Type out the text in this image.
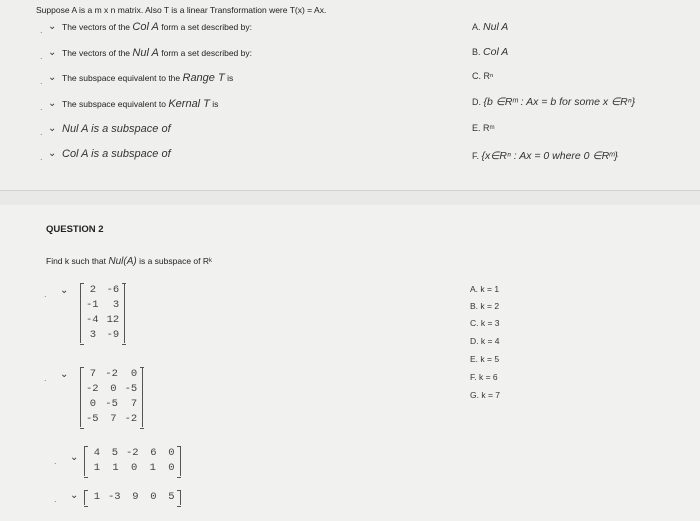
Suppose A is a m x n matrix. Also T is a linear Transformation were T(x) = Ax.
. ⌄ The vectors of the Col A form a set described by:
. ⌄ The vectors of the Nul A form a set described by:
. ⌄ The subspace equivalent to the Range T is
. ⌄ The subspace equivalent to Kernal T is
. ⌄ Nul A is a subspace of
. ⌄ Col A is a subspace of
A. Nul A
B. Col A
C. Rⁿ
D. {b ∈Rᵐ : Ax = b for some x ∈Rⁿ}
E. Rᵐ
F. {x∈Rⁿ : Ax = 0 where 0 ∈Rᵐ}
QUESTION 2
Find k such that Nul(A) is a subspace of Rᵏ
. ⌄	2 -6
-1	3
-4 12
3 -9
. ⌄	7 -2	0
-2	0 -5
0 -5	7
-5	7 -2
. ⌄	4	5 -2	6	0
1	1	0	1	0
. ⌄	1 -3	9	0	5
A. k = 1
B. k = 2
C. k = 3
D. k = 4
E. k = 5
F. k = 6
G. k = 7
